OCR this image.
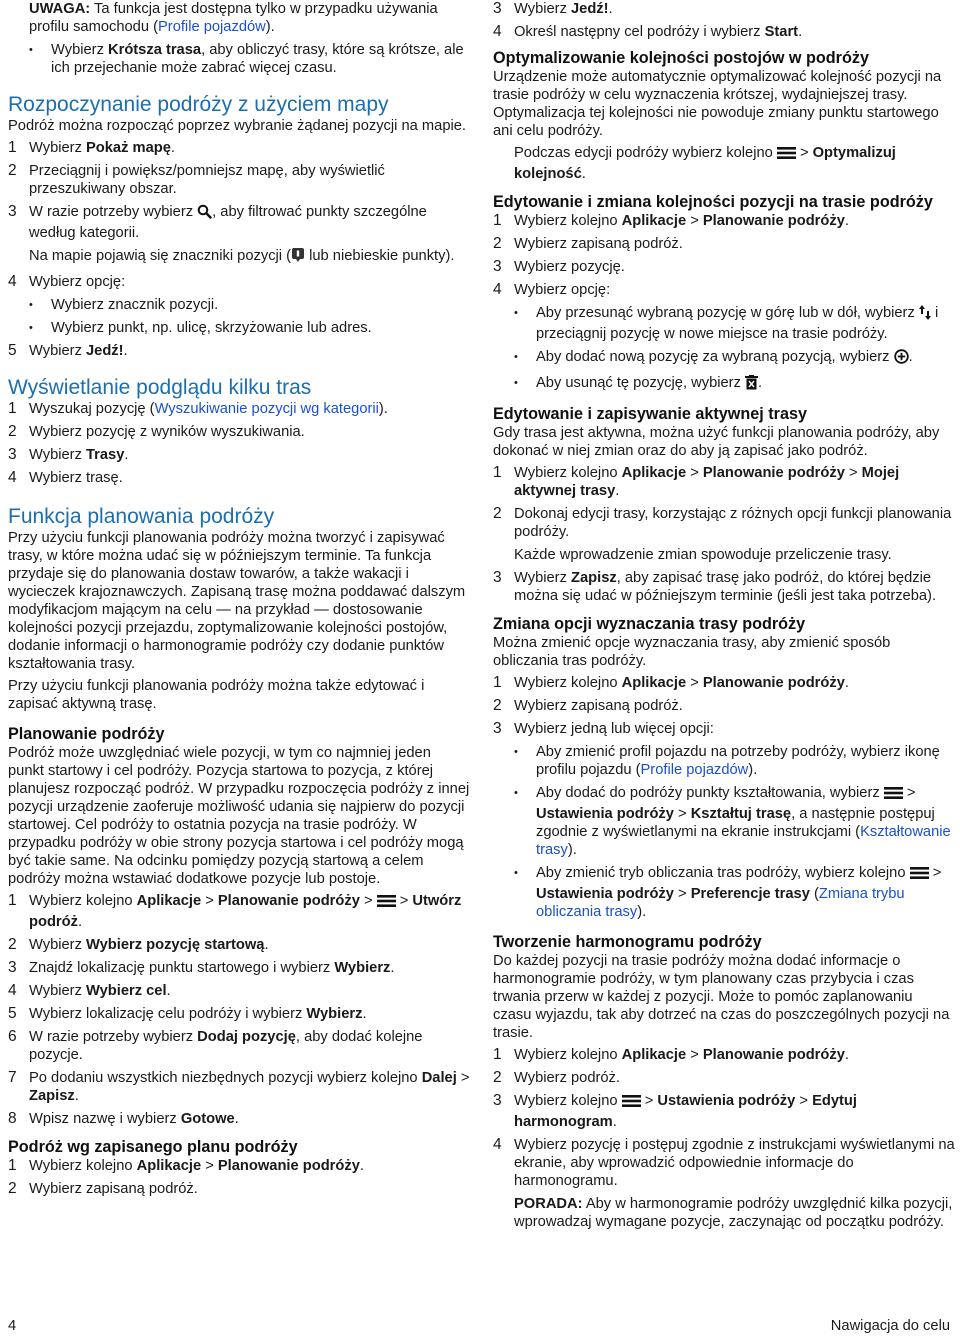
UWAGA: Ta funkcja jest dostępna tylko w przypadku używania profilu samochodu (Profile pojazdów).

• Wybierz Krótsza trasa, aby obliczyć trasy, które są krótsze, ale ich przejechanie może zabrać więcej czasu.

Rozpoczynanie podróży z użyciem mapy

Podróż można rozpocząć poprzez wybranie żądanej pozycji na mapie.

1 Wybierz Pokaż mapę.

2 Przeciągnij i powiększ/pomniejsz mapę, aby wyświetlić przeszukiwany obszar.

3 W razie potrzeby wybierz , aby filtrować punkty szczególne według kategorii.

Na mapie pojawią się znaczniki pozycji ( lub niebieskie punkty).

4 Wybierz opcję:

• Wybierz znacznik pozycji.

• Wybierz punkt, np. ulicę, skrzyżowanie lub adres.

5 Wybierz Jedź!.

Wyświetlanie podglądu kilku tras

1 Wyszukaj pozycję (Wyszukiwanie pozycji wg kategorii).

2 Wybierz pozycję z wyników wyszukiwania.

3 Wybierz Trasy.

4 Wybierz trasę.

Funkcja planowania podróży

Przy użyciu funkcji planowania podróży można tworzyć i zapisywać trasy, w które można udać się w późniejszym terminie. Ta funkcja przydaje się do planowania dostaw towarów, a także wakacji i wycieczek krajoznawczych. Zapisaną trasę można poddawać dalszym modyfikacjom mającym na celu — na przykład — dostosowanie kolejności pozycji przejazdu, zoptymalizowanie kolejności postojów, dodanie informacji o harmonogramie podróży czy dodanie punktów kształtowania trasy.

Przy użyciu funkcji planowania podróży można także edytować i zapisać aktywną trasę.

Planowanie podróży

Podróż może uwzględniać wiele pozycji, w tym co najmniej jeden punkt startowy i cel podróży. Pozycja startowa to pozycja, z której planujesz rozpocząć podróż. W przypadku rozpoczęcia podróży z innej pozycji urządzenie zaoferuje możliwość udania się najpierw do pozycji startowej. Cel podróży to ostatnia pozycja na trasie podróży. W przypadku podróży w obie strony pozycja startowa i cel podróży mogą być takie same. Na odcinku pomiędzy pozycją startową a celem podróży można wstawiać dodatkowe pozycje lub postoje.

1 Wybierz kolejno Aplikacje > Planowanie podróży >  > Utwórz podróż.

2 Wybierz Wybierz pozycję startową.

3 Znajdź lokalizację punktu startowego i wybierz Wybierz.

4 Wybierz Wybierz cel.

5 Wybierz lokalizację celu podróży i wybierz Wybierz.

6 W razie potrzeby wybierz Dodaj pozycję, aby dodać kolejne pozycje.

7 Po dodaniu wszystkich niezbędnych pozycji wybierz kolejno Dalej > Zapisz.

8 Wpisz nazwę i wybierz Gotowe.

Podróż wg zapisanego planu podróży

1 Wybierz kolejno Aplikacje > Planowanie podróży.

2 Wybierz zapisaną podróż.

3 Wybierz Jedź!.

4 Określ następny cel podróży i wybierz Start.

Optymalizowanie kolejności postojów w podróży

Urządzenie może automatycznie optymalizować kolejność pozycji na trasie podróży w celu wyznaczenia krótszej, wydajniejszej trasy. Optymalizacja tej kolejności nie powoduje zmiany punktu startowego ani celu podróży.

Podczas edycji podróży wybierz kolejno  > Optymalizuj kolejność.

Edytowanie i zmiana kolejności pozycji na trasie podróży

1 Wybierz kolejno Aplikacje > Planowanie podróży.

2 Wybierz zapisaną podróż.

3 Wybierz pozycję.

4 Wybierz opcję:

• Aby przesunąć wybraną pozycję w górę lub w dół, wybierz  i przeciągnij pozycję w nowe miejsce na trasie podróży.

• Aby dodać nową pozycję za wybraną pozycją, wybierz .

• Aby usunąć tę pozycję, wybierz .

Edytowanie i zapisywanie aktywnej trasy

Gdy trasa jest aktywna, można użyć funkcji planowania podróży, aby dokonać w niej zmian oraz do aby ją zapisać jako podróż.

1 Wybierz kolejno Aplikacje > Planowanie podróży > Mojej aktywnej trasy.

2 Dokonaj edycji trasy, korzystając z różnych opcji funkcji planowania podróży.

Każde wprowadzenie zmian spowoduje przeliczenie trasy.

3 Wybierz Zapisz, aby zapisać trasę jako podróż, do której będzie można się udać w późniejszym terminie (jeśli jest taka potrzeba).

Zmiana opcji wyznaczania trasy podróży

Można zmienić opcje wyznaczania trasy, aby zmienić sposób obliczania tras podróży.

1 Wybierz kolejno Aplikacje > Planowanie podróży.

2 Wybierz zapisaną podróż.

3 Wybierz jedną lub więcej opcji:

• Aby zmienić profil pojazdu na potrzeby podróży, wybierz ikonę profilu pojazdu (Profile pojazdów).

• Aby dodać do podróży punkty kształtowania, wybierz  > Ustawienia podróży > Kształtuj trasę, a następnie postępuj zgodnie z wyświetlanymi na ekranie instrukcjami (Kształtowanie trasy).

• Aby zmienić tryb obliczania tras podróży, wybierz kolejno  > Ustawienia podróży > Preferencje trasy (Zmiana trybu obliczania trasy).

Tworzenie harmonogramu podróży

Do każdej pozycji na trasie podróży można dodać informacje o harmonogramie podróży, w tym planowany czas przybycia i czas trwania przerw w każdej z pozycji. Może to pomóc zaplanowaniu czasu wyjazdu, tak aby dotrzeć na czas do poszczególnych pozycji na trasie.

1 Wybierz kolejno Aplikacje > Planowanie podróży.

2 Wybierz podróż.

3 Wybierz kolejno  > Ustawienia podróży > Edytuj harmonogram.

4 Wybierz pozycję i postępuj zgodnie z instrukcjami wyświetlanymi na ekranie, aby wprowadzić odpowiednie informacje do harmonogramu.

PORADA: Aby w harmonogramie podróży uwzględnić kilka pozycji, wprowadzaj wymagane pozycje, zaczynając od początku podróży.

4	Nawigacja do celu
